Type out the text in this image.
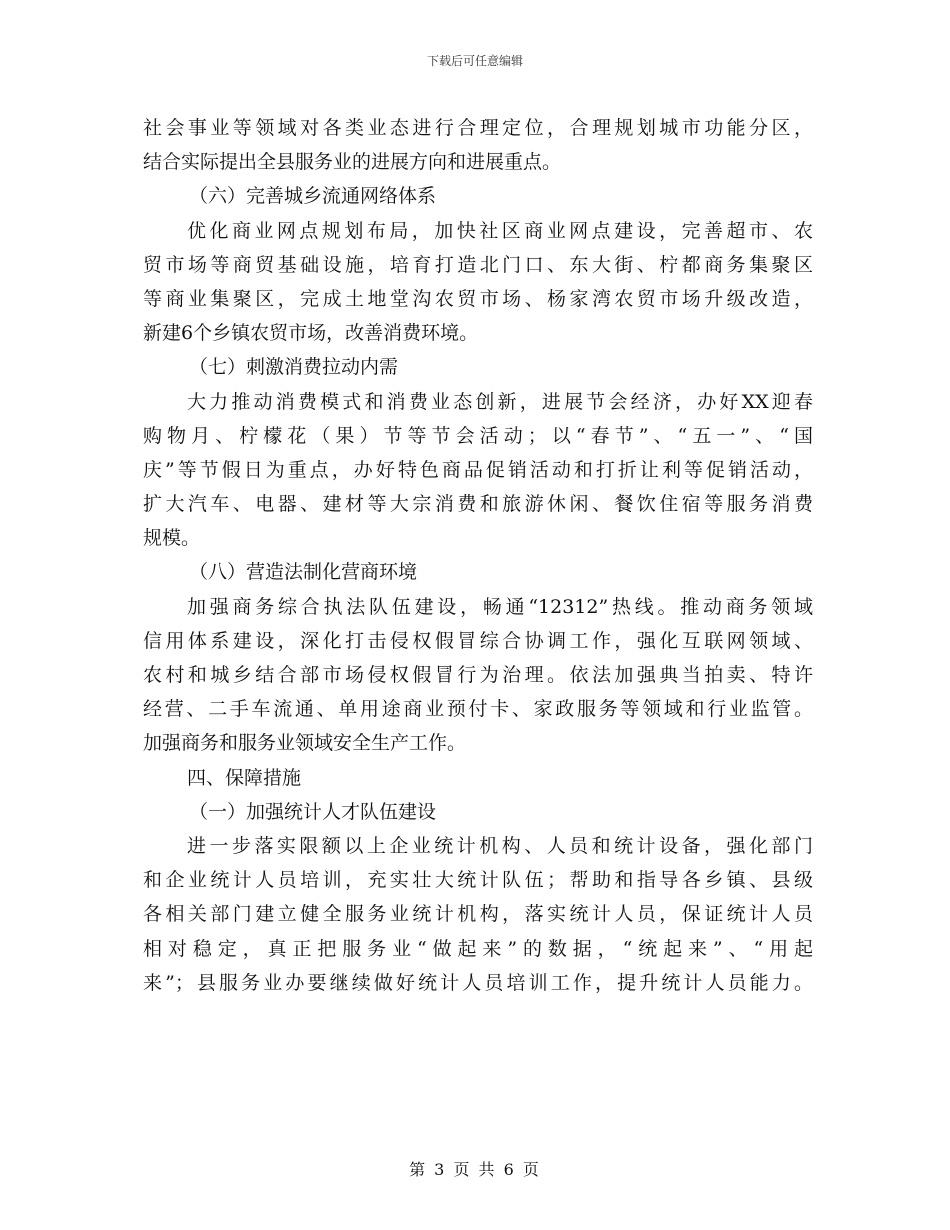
下载后可任意编辑
社会事业等领域对各类业态进行合理定位，合理规划城市功能分区，
结合实际提出全县服务业的进展方向和进展重点。
（六）完善城乡流通网络体系
优化商业网点规划布局，加快社区商业网点建设，完善超市、农
贸市场等商贸基础设施，培育打造北门口、东大街、柠都商务集聚区
等商业集聚区，完成土地堂沟农贸市场、杨家湾农贸市场升级改造，
新建6个乡镇农贸市场，改善消费环境。
（七）刺激消费拉动内需
大力推动消费模式和消费业态创新，进展节会经济，办好XX迎春
购物月、柠檬花（果）节等节会活动；以“春节”、“五一”、“国
庆”等节假日为重点，办好特色商品促销活动和打折让利等促销活动，
扩大汽车、电器、建材等大宗消费和旅游休闲、餐饮住宿等服务消费
规模。
（八）营造法制化营商环境
加强商务综合执法队伍建设，畅通“12312”热线。推动商务领域
信用体系建设，深化打击侵权假冒综合协调工作，强化互联网领域、
农村和城乡结合部市场侵权假冒行为治理。依法加强典当拍卖、特许
经营、二手车流通、单用途商业预付卡、家政服务等领域和行业监管。
加强商务和服务业领域安全生产工作。
四、保障措施
（一）加强统计人才队伍建设
进一步落实限额以上企业统计机构、人员和统计设备，强化部门
和企业统计人员培训，充实壮大统计队伍；帮助和指导各乡镇、县级
各相关部门建立健全服务业统计机构，落实统计人员，保证统计人员
相对稳定，真正把服务业“做起来”的数据，“统起来”、“用起
来”；县服务业办要继续做好统计人员培训工作，提升统计人员能力。
第 3 页 共 6 页
